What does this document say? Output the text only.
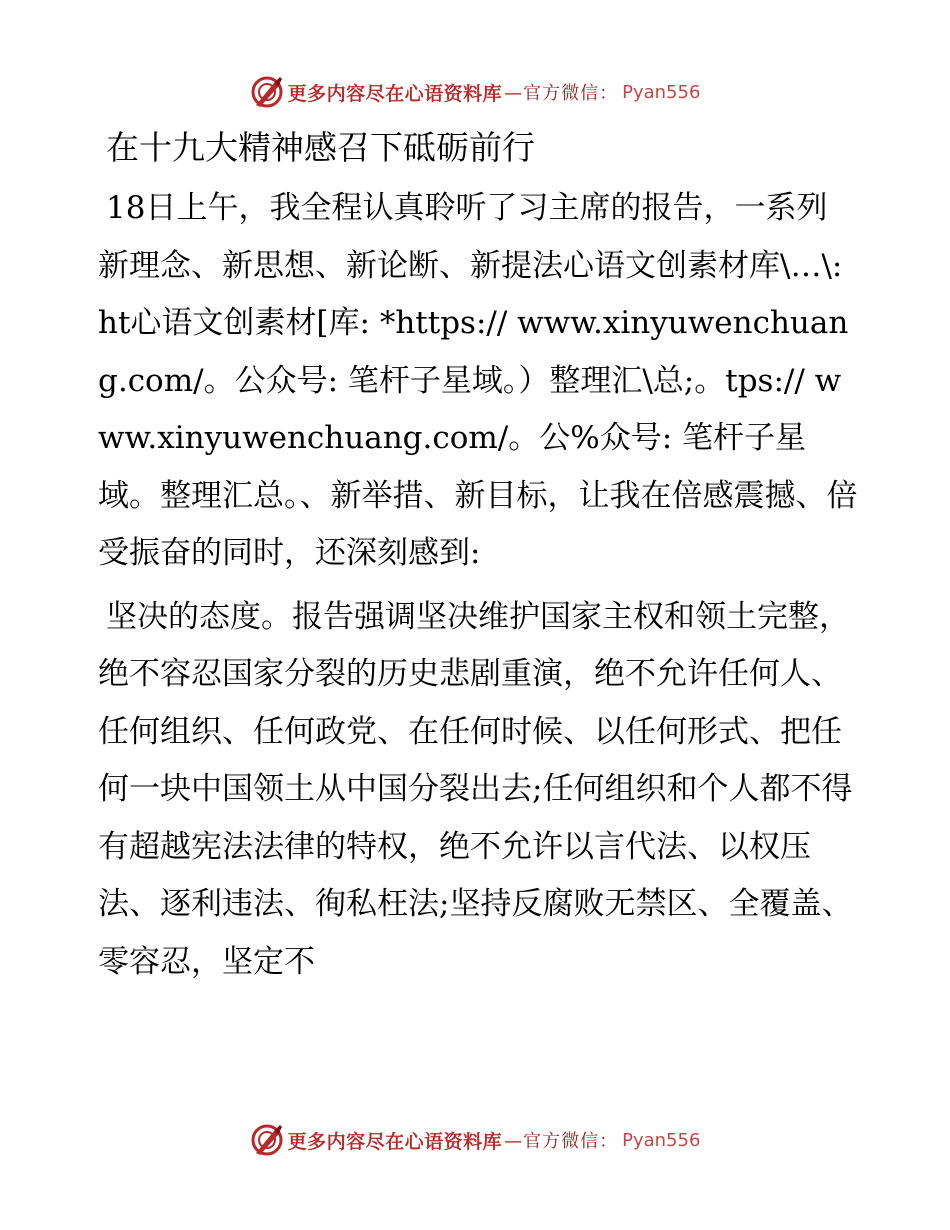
更多内容尽在心语资料库 —官方微信： Pyan556
在十九大精神感召下砥砺前行

18日上午，我全程认真聆听了习主席的报告，一系列新理念、新思想、新论断、新提法心语文创素材库\…\: ht心语文创素材[库: *https:// www.xinyuwenchuang.com/。公众号: 笔杆子星域。）整理汇\总;。tps:// www.xinyuwenchuang.com/。公%众号: 笔杆子星域。整理汇总。、新举措、新目标，让我在倍感震撼、倍受振奋的同时，还深刻感到:

坚决的态度。报告强调坚决维护国家主权和领土完整，绝不容忍国家分裂的历史悲剧重演，绝不允许任何人、任何组织、任何政党、在任何时候、以任何形式、把任何一块中国领土从中国分裂出去;任何组织和个人都不得有超越宪法法律的特权，绝不允许以言代法、以权压法、逐利违法、徇私枉法;坚持反腐败无禁区、全覆盖、零容忍，坚定不

更多内容尽在心语资料库 —官方微信： Pyan556
